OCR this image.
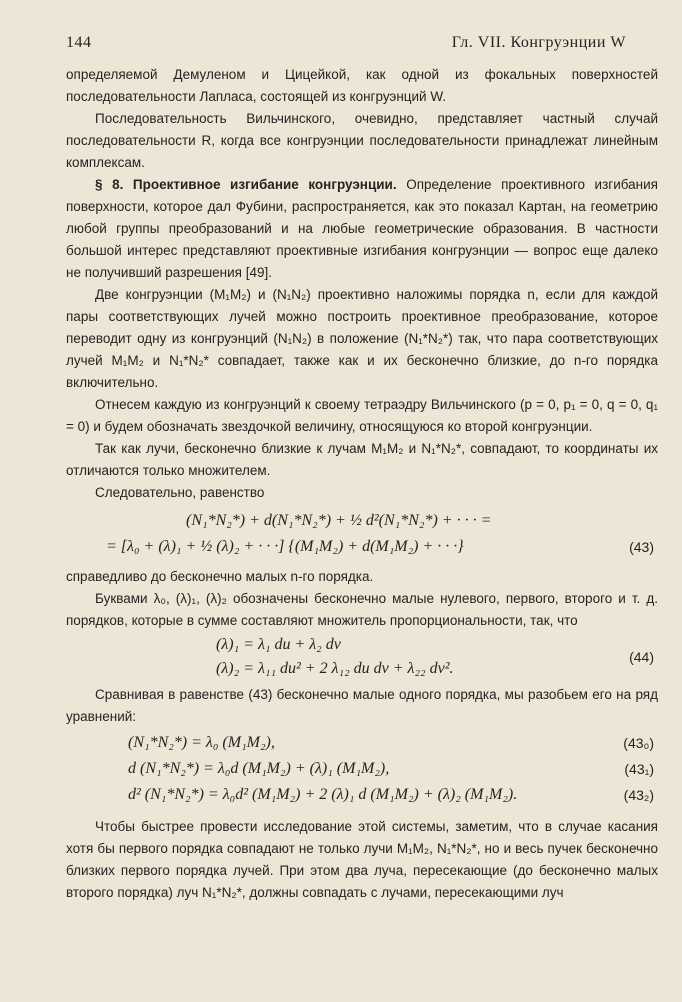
144	Гл. VII. Конгруэнции W

определяемой Демуленом и Цицейкой, как одной из фокальных поверхностей последовательности Лапласа, состоящей из конгруэнций W.

Последовательность Вильчинского, очевидно, представляет частный случай последовательности R, когда все конгруэнции последовательности принадлежат линейным комплексам.

§ 8. Проективное изгибание конгруэнции. Определение проективного изгибания поверхности, которое дал Фубини, распространяется, как это показал Картан, на геометрию любой группы преобразований и на любые геометрические образования. В частности большой интерес представляют проективные изгибания конгруэнции — вопрос еще далеко не получивший разрешения [49].

Две конгруэнции (M₁M₂) и (N₁N₂) проективно наложимы порядка n, если для каждой пары соответствующих лучей можно построить проективное преобразование, которое переводит одну из конгруэнций (N₁N₂) в положение (N₁*N₂*) так, что пара соответствующих лучей M₁M₂ и N₁*N₂* совпадает, также как и их бесконечно близкие, до n-го порядка включительно.

Отнесем каждую из конгруэнций к своему тетраэдру Вильчинского (p = 0, p₁ = 0, q = 0, q₁ = 0) и будем обозначать звездочкой величину, относящуюся ко второй конгруэнции.

Так как лучи, бесконечно близкие к лучам M₁M₂ и N₁*N₂*, совпадают, то координаты их отличаются только множителем.

Следовательно, равенство

(N₁*N₂*) + d(N₁*N₂*) + ½ d²(N₁*N₂*) + · · · =
= [λ₀ + (λ)₁ + ½ (λ)₂ + · · ·] {(M₁M₂) + d(M₁M₂) + · · ·}	(43)

справедливо до бесконечно малых n-го порядка.

Буквами λ₀, (λ)₁, (λ)₂ обозначены бесконечно малые нулевого, первого, второго и т. д. порядков, которые в сумме составляют множитель пропорциональности, так, что

(λ)₁ = λ₁ du + λ₂ dv
(λ)₂ = λ₁₁ du² + 2 λ₁₂ du dv + λ₂₂ dv².
(44)

Сравнивая в равенстве (43) бесконечно малые одного порядка, мы разобьем его на ряд уравнений:

(N₁*N₂*) = λ₀ (M₁M₂),	(43₀)
d (N₁*N₂*) = λ₀d (M₁M₂) + (λ)₁ (M₁M₂),	(43₁)
d² (N₁*N₂*) = λ₀d² (M₁M₂) + 2 (λ)₁ d (M₁M₂) + (λ)₂ (M₁M₂).	(43₂)

Чтобы быстрее провести исследование этой системы, заметим, что в случае касания хотя бы первого порядка совпадают не только лучи M₁M₂, N₁*N₂*, но и весь пучек бесконечно близких первого порядка лучей. При этом два луча, пересекающие (до бесконечно малых второго порядка) луч N₁*N₂*, должны совпадать с лучами, пересекающими луч
